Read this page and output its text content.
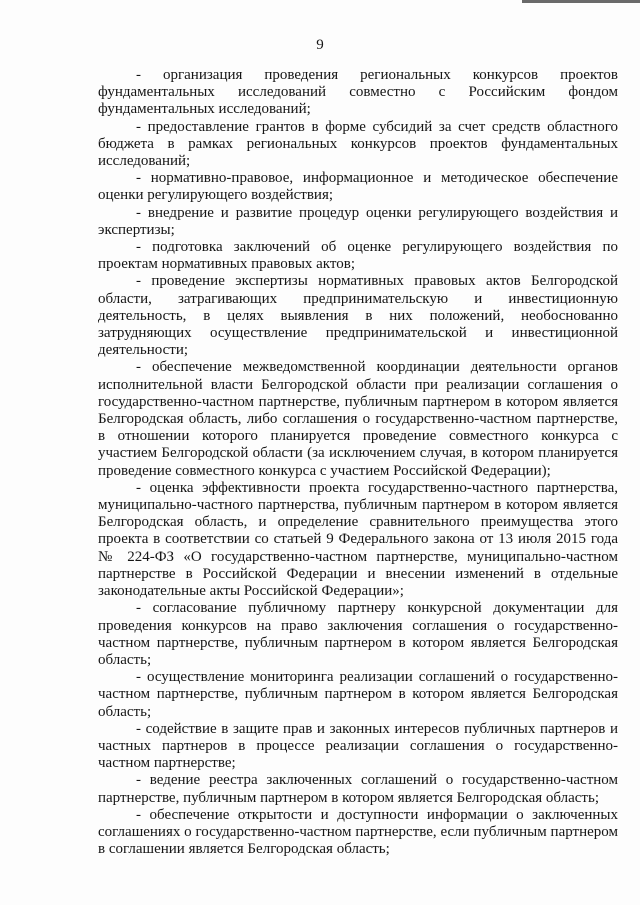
9

- организация проведения региональных конкурсов проектов фундаментальных исследований совместно с Российским фондом фундаментальных исследований;

- предоставление грантов в форме субсидий за счет средств областного бюджета в рамках региональных конкурсов проектов фундаментальных исследований;

- нормативно-правовое, информационное и методическое обеспечение оценки регулирующего воздействия;

- внедрение и развитие процедур оценки регулирующего воздействия и экспертизы;

- подготовка заключений об оценке регулирующего воздействия по проектам нормативных правовых актов;

- проведение экспертизы нормативных правовых актов Белгородской области, затрагивающих предпринимательскую и инвестиционную деятельность, в целях выявления в них положений, необоснованно затрудняющих осуществление предпринимательской и инвестиционной деятельности;

- обеспечение межведомственной координации деятельности органов исполнительной власти Белгородской области при реализации соглашения о государственно-частном партнерстве, публичным партнером в котором является Белгородская область, либо соглашения о государственно-частном партнерстве, в отношении которого планируется проведение совместного конкурса с участием Белгородской области (за исключением случая, в котором планируется проведение совместного конкурса с участием Российской Федерации);

- оценка эффективности проекта государственно-частного партнерства, муниципально-частного партнерства, публичным партнером в котором является Белгородская область, и определение сравнительного преимущества этого проекта в соответствии со статьей 9 Федерального закона от 13 июля 2015 года № 224-ФЗ «О государственно-частном партнерстве, муниципально-частном партнерстве в Российской Федерации и внесении изменений в отдельные законодательные акты Российской Федерации»;

- согласование публичному партнеру конкурсной документации для проведения конкурсов на право заключения соглашения о государственно-частном партнерстве, публичным партнером в котором является Белгородская область;

- осуществление мониторинга реализации соглашений о государственно-частном партнерстве, публичным партнером в котором является Белгородская область;

- содействие в защите прав и законных интересов публичных партнеров и частных партнеров в процессе реализации соглашения о государственно-частном партнерстве;

- ведение реестра заключенных соглашений о государственно-частном партнерстве, публичным партнером в котором является Белгородская область;

- обеспечение открытости и доступности информации о заключенных соглашениях о государственно-частном партнерстве, если публичным партнером в соглашении является Белгородская область;
